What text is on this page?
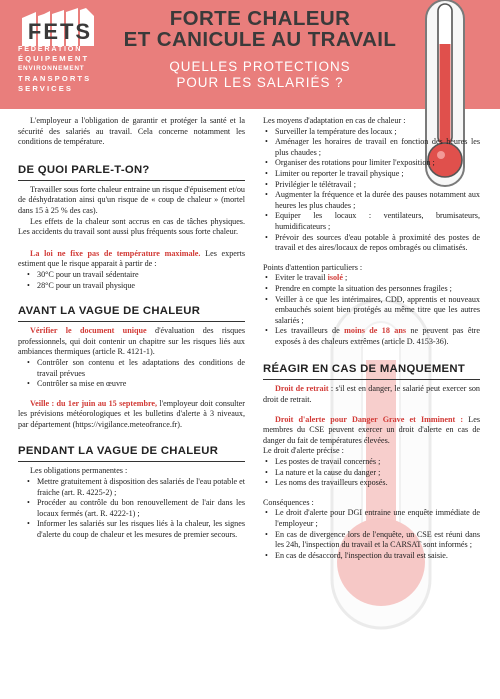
FETS
FÉDÉRATION
ÉQUIPEMENT
ENVIRONNEMENT
TRANSPORTS
SERVICES
FORTE CHALEUR
ET CANICULE AU TRAVAIL
QUELLES PROTECTIONS
POUR LES SALARIÉS ?

L'employeur a l'obligation de garantir et protéger la santé et la sécurité des salariés au travail. Cela concerne notamment les conditions de température.

DE QUOI PARLE-T-ON?

Travailler sous forte chaleur entraine un risque d'épuisement et/ou de déshydratation ainsi qu'un risque de « coup de chaleur » (mortel dans 15 à 25 % des cas).

Les effets de la chaleur sont accrus en cas de tâches physiques. Les accidents du travail sont aussi plus fréquents sous forte chaleur.

La loi ne fixe pas de température maximale. Les experts estiment que le risque apparait à partir de :

• 30°C pour un travail sédentaire
• 28°C pour un travail physique
AVANT LA VAGUE DE CHALEUR

Vérifier le document unique d'évaluation des risques professionnels, qui doit contenir un chapitre sur les risques liés aux ambiances thermiques (article R. 4121-1).

• Contrôler son contenu et les adaptations des conditions de travail prévues
• Contrôler sa mise en œuvre

Veille : du 1er juin au 15 septembre, l'employeur doit consulter les prévisions météorologiques et les bulletins d'alerte à 3 niveaux, par département (https://vigilance.meteofrance.fr).

PENDANT LA VAGUE DE CHALEUR

Les obligations permanentes :

• Mettre gratuitement à disposition des salariés de l'eau potable et fraiche (art. R. 4225-2) ;
• Procéder au contrôle du bon renouvellement de l'air dans les locaux fermés (art. R. 4222-1) ;
• Informer les salariés sur les risques liés à la chaleur, les signes d'alerte du coup de chaleur et les mesures de premier secours.

Les moyens d'adaptation en cas de chaleur :

• Surveiller la température des locaux ;
• Aménager les horaires de travail en fonction des heures les plus chaudes ;
• Organiser des rotations pour limiter l'exposition ;
• Limiter ou reporter le travail physique ;
• Privilégier le télétravail ;
• Augmenter la fréquence et la durée des pauses notamment aux heures les plus chaudes ;
• Equiper les locaux : ventilateurs, brumisateurs, humidificateurs ;
• Prévoir des sources d'eau potable à proximité des postes de travail et des aires/locaux de repos ombragés ou climatisés.

Points d'attention particuliers :

• Eviter le travail isolé ;
• Prendre en compte la situation des personnes fragiles ;
• Veiller à ce que les intérimaires, CDD, apprentis et nouveaux embauchés soient bien protégés au même titre que les autres salariés ;
• Les travailleurs de moins de 18 ans ne peuvent pas être exposés à des chaleurs extrêmes (article D. 4153-36).
RÉAGIR EN CAS DE MANQUEMENT

Droit de retrait : s'il est en danger, le salarié peut exercer son droit de retrait.

Droit d'alerte pour Danger Grave et Imminent : Les membres du CSE peuvent exercer un droit d'alerte en cas de danger du fait de températures élevées.

Le droit d'alerte précise :

• Les postes de travail concernés ;
• La nature et la cause du danger ;
• Les noms des travailleurs exposés.

Conséquences :

• Le droit d'alerte pour DGI entraine une enquête immédiate de l'employeur ;
• En cas de divergence lors de l'enquête, un CSE est réuni dans les 24h, l'inspection du travail et la CARSAT sont informés ;
• En cas de désaccord, l'inspection du travail est saisie.
